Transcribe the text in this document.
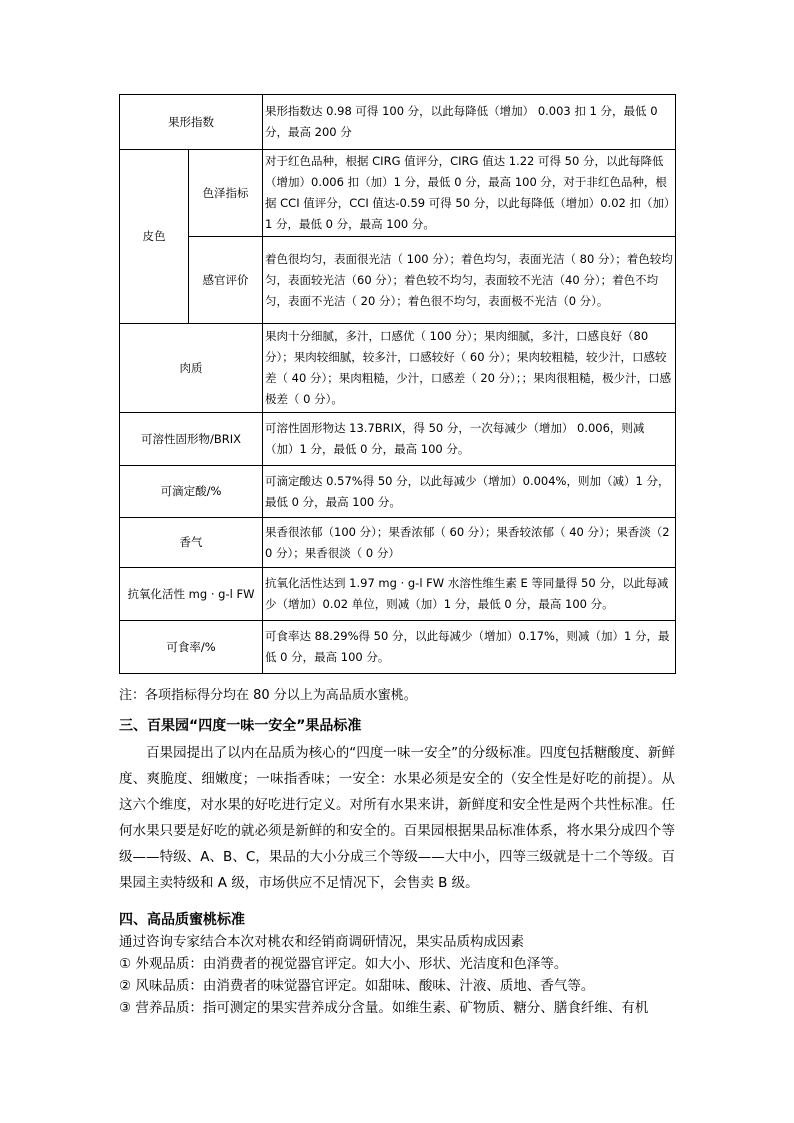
果形指数		果形指数达 0.98 可得 100 分，以此每降低（增加） 0.003 扣 1 分，最低 0 分，最高 200 分
皮色	色泽指标	对于红色品种，根据 CIRG 值评分，CIRG 值达 1.22 可得 50 分，以此每降低（增加）0.006 扣（加）1 分，最低 0 分，最高 100 分，对于非红色品种，根据 CCI 值评分，CCI 值达-0.59 可得 50 分，以此每降低（增加）0.02 扣（加）1 分，最低 0 分，最高 100 分。
	感官评价	着色很均匀，表面很光洁（ 100 分）；着色均匀，表面光洁（ 80 分）；着色较均匀，表面较光洁（60 分）；着色较不均匀，表面较不光洁（40 分）；着色不均匀，表面不光洁（ 20 分）；着色很不均匀，表面极不光洁（0 分）。
肉质		果肉十分细腻，多汁，口感优（ 100 分）；果肉细腻，多汁，口感良好（80 分）；果肉较细腻，较多汁，口感较好（ 60 分）；果肉较粗糙，较少汁，口感较差（ 40 分）；果肉粗糙，少汁，口感差（ 20 分）；；果肉很粗糙，极少汁，口感极差（ 0 分）。
可溶性固形物/BRIX		可溶性固形物达 13.7BRIX，得 50 分，一次每减少（增加） 0.006，则减（加）1 分，最低 0 分，最高 100 分。
可滴定酸/%		可滴定酸达 0.57%得 50 分，以此每减少（增加）0.004%，则加（减）1 分，最低 0 分，最高 100 分。
香气		果香很浓郁（100 分）；果香浓郁（ 60 分）；果香较浓郁（ 40 分）；果香淡（20 分）；果香很淡（ 0 分）
抗氧化活性 mg · g-l FW		抗氧化活性达到 1.97 mg · g-l FW 水溶性维生素 E 等同量得 50 分，以此每减少（增加）0.02 单位，则减（加）1 分，最低 0 分，最高 100 分。
可食率/%		可食率达 88.29%得 50 分，以此每减少（增加）0.17%，则减（加）1 分，最低 0 分，最高 100 分。
注：各项指标得分均在 80 分以上为高品质水蜜桃。
三、百果园“四度一味一安全”果品标准
百果园提出了以内在品质为核心的“四度一味一安全”的分级标准。四度包括糖酸度、新鲜度、爽脆度、细嫩度；一味指香味；一安全：水果必须是安全的（安全性是好吃的前提）。从这六个维度，对水果的好吃进行定义。对所有水果来讲，新鲜度和安全性是两个共性标准。任何水果只要是好吃的就必须是新鲜的和安全的。百果园根据果品标准体系，将水果分成四个等级——特级、A、B、C，果品的大小分成三个等级——大中小，四等三级就是十二个等级。百果园主卖特级和 A 级，市场供应不足情况下，会售卖 B 级。
四、高品质蜜桃标准
通过咨询专家结合本次对桃农和经销商调研情况，果实品质构成因素
① 外观品质：由消费者的视觉器官评定。如大小、形状、光洁度和色泽等。
② 风味品质：由消费者的味觉器官评定。如甜味、酸味、汁液、质地、香气等。
③ 营养品质：指可测定的果实营养成分含量。如维生素、矿物质、糖分、膳食纤维、有机
